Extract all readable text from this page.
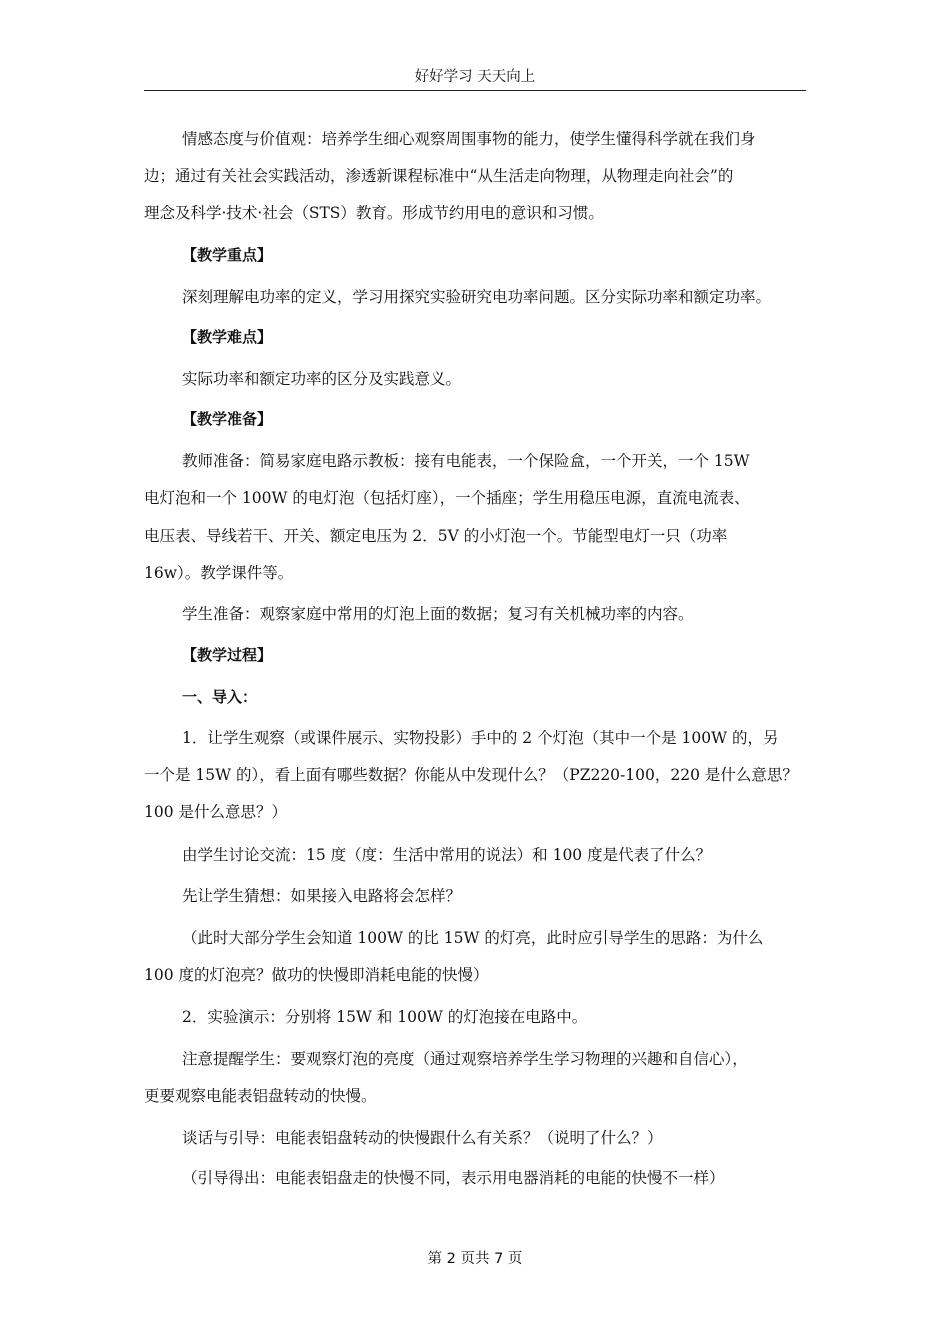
好好学习 天天向上
情感态度与价值观：培养学生细心观察周围事物的能力，使学生懂得科学就在我们身
边；通过有关社会实践活动，渗透新课程标准中“从生活走向物理，从物理走向社会”的
理念及科学·技术·社会（STS）教育。形成节约用电的意识和习惯。
【教学重点】
深刻理解电功率的定义，学习用探究实验研究电功率问题。区分实际功率和额定功率。
【教学难点】
实际功率和额定功率的区分及实践意义。
【教学准备】
教师准备：简易家庭电路示教板：接有电能表，一个保险盒，一个开关，一个 15W
电灯泡和一个 100W 的电灯泡（包括灯座），一个插座；学生用稳压电源，直流电流表、
电压表、导线若干、开关、额定电压为 2．5V 的小灯泡一个。节能型电灯一只（功率
16w）。教学课件等。
学生准备：观察家庭中常用的灯泡上面的数据；复习有关机械功率的内容。
【教学过程】
一、导入：
1．让学生观察（或课件展示、实物投影）手中的 2 个灯泡（其中一个是 100W 的，另
一个是 15W 的），看上面有哪些数据？你能从中发现什么？（PZ220-100，220 是什么意思？
100 是什么意思？）
由学生讨论交流：15 度（度：生活中常用的说法）和 100 度是代表了什么？
先让学生猜想：如果接入电路将会怎样？
（此时大部分学生会知道 100W 的比 15W 的灯亮，此时应引导学生的思路：为什么
100 度的灯泡亮？做功的快慢即消耗电能的快慢）
2．实验演示：分别将 15W 和 100W 的灯泡接在电路中。
注意提醒学生：要观察灯泡的亮度（通过观察培养学生学习物理的兴趣和自信心），
更要观察电能表铝盘转动的快慢。
谈话与引导：电能表铝盘转动的快慢跟什么有关系？（说明了什么？）
（引导得出：电能表铝盘走的快慢不同，表示用电器消耗的电能的快慢不一样）
第 2 页共 7 页
